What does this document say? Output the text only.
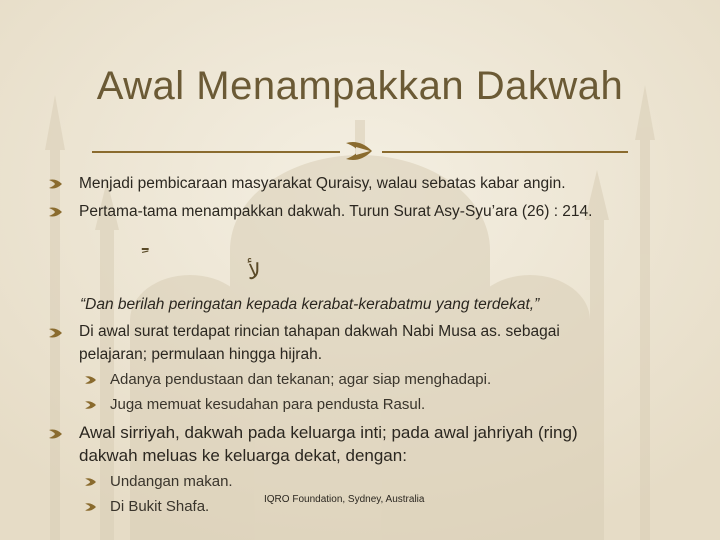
Awal Menampakkan Dakwah
Menjadi pembicaraan masyarakat Quraisy, walau sebatas kabar angin.
Pertama-tama menampakkan dakwah. Turun Surat Asy-Syu’ara (26) : 214.
ـِ
لأ
“Dan berilah peringatan kepada kerabat-kerabatmu yang terdekat,”
Di awal surat terdapat rincian tahapan dakwah Nabi Musa as. sebagai
pelajaran; permulaan hingga hijrah.
Adanya pendustaan dan tekanan; agar siap menghadapi.
Juga memuat kesudahan para pendusta Rasul.
Awal sirriyah, dakwah pada keluarga inti; pada awal jahriyah (ring)
dakwah meluas ke keluarga dekat, dengan:
Undangan makan.
Di Bukit Shafa.	IQRO Foundation, Sydney, Australia
